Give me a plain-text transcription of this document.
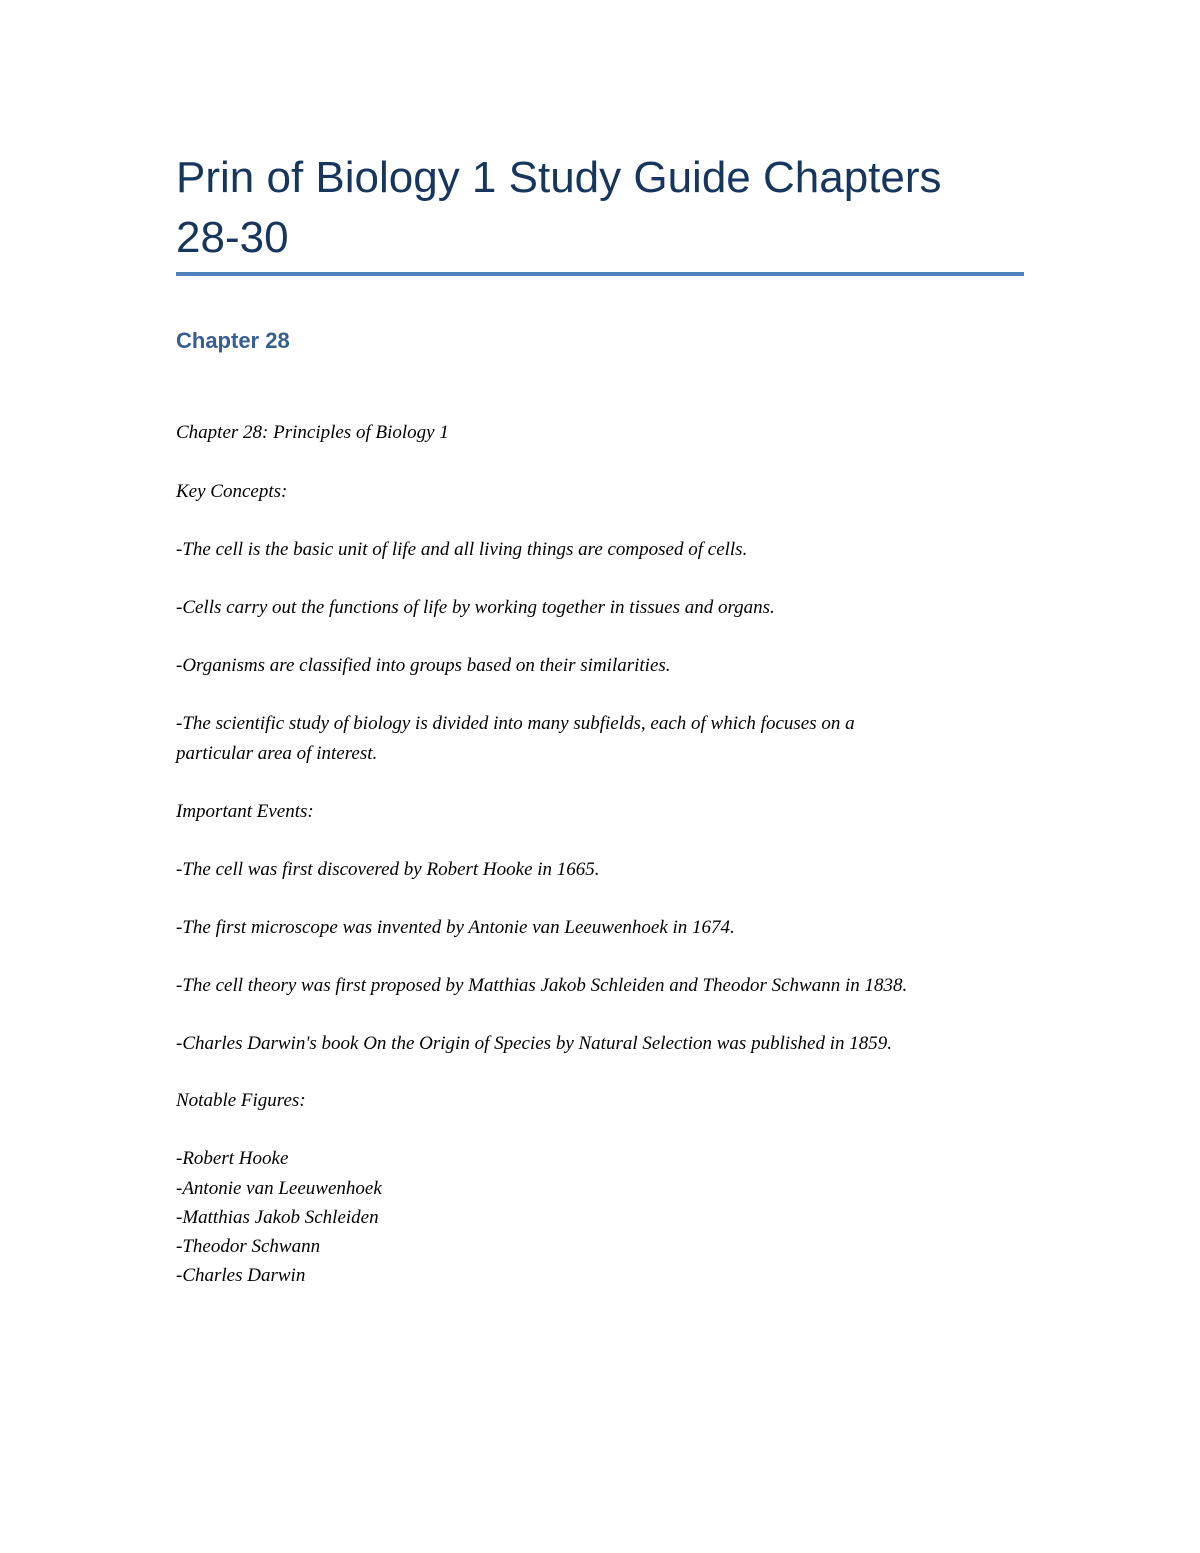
Prin of Biology 1 Study Guide Chapters
28-30
Chapter 28

Chapter 28: Principles of Biology 1

Key Concepts:

-The cell is the basic unit of life and all living things are composed of cells.

-Cells carry out the functions of life by working together in tissues and organs.

-Organisms are classified into groups based on their similarities.

-The scientific study of biology is divided into many subfields, each of which focuses on a

particular area of interest.

Important Events:

-The cell was first discovered by Robert Hooke in 1665.

-The first microscope was invented by Antonie van Leeuwenhoek in 1674.

-The cell theory was first proposed by Matthias Jakob Schleiden and Theodor Schwann in 1838.

-Charles Darwin's book On the Origin of Species by Natural Selection was published in 1859.

Notable Figures:

-Robert Hooke

-Antonie van Leeuwenhoek

-Matthias Jakob Schleiden

-Theodor Schwann

-Charles Darwin
